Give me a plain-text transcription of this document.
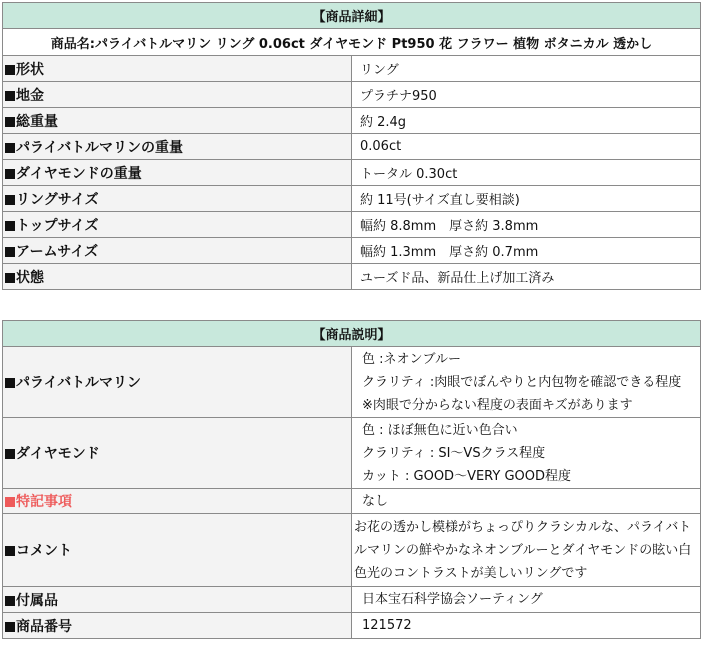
【商品詳細】	
商品名:パライバトルマリン リング 0.06ct ダイヤモンド Pt950 花 フラワー 植物 ボタニカル 透かし	
形状	リング
地金	プラチナ950
総重量	約 2.4g
パライバトルマリンの重量	0.06ct
ダイヤモンドの重量	トータル 0.30ct
リングサイズ	約 11号(サイズ直し要相談)
トップサイズ	幅約 8.8mm　厚さ約 3.8mm
アームサイズ	幅約 1.3mm　厚さ約 0.7mm
状態	ユーズド品、新品仕上げ加工済み
【商品説明】	
パライバトルマリン	色 :ネオンブルー
クラリティ :肉眼でぼんやりと内包物を確認できる程度
※肉眼で分からない程度の表面キズがあります

ダイヤモンド	色 : ほぼ無色に近い色合い
クラリティ : SI～VSクラス程度
カット : GOOD～VERY GOOD程度

特記事項	なし
コメント	お花の透かし模様がちょっぴりクラシカルな、パライバトルマリンの鮮やかなネオンブルーとダイヤモンドの眩い白色光のコントラストが美しいリングです
付属品	日本宝石科学協会ソーティング
商品番号	121572
